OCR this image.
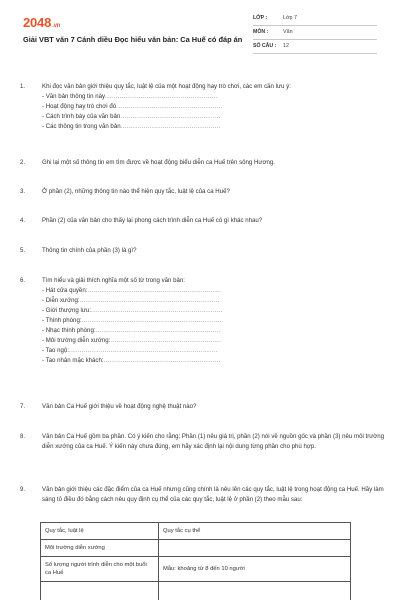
2048.vn
Giải VBT văn 7 Cánh diều Đọc hiểu văn bản: Ca Huế có đáp án
LỚP :	Lớp 7
MÔN :	Văn
SỐ CÂU : 12
1.	Khi đọc văn bản giới thiệu quy tắc, luật lệ của một hoạt động hay trò chơi, các em cần lưu ý:
- Văn bản thông tin này......................................................
- Hoạt động hay trò chơi đó...................................................
- Cách trình bày của văn bản................................................
- Các thông tin trong văn bản................................................
2.	Ghi lại một số thông tin em tìm được về hoạt động biểu diễn ca Huế trên sông Hương.
3.	Ở phần (2), những thông tin nào thể hiện quy tắc, luật lệ của ca Huế?
4.	Phần (2) của văn bản cho thấy lại phong cách trình diễn ca Huế có gì khác nhau?
5.	Thông tin chính của phần (3) là gì?
6.	Tìm hiểu và giải thích nghĩa một số từ trong văn bản:
- Hát cửa quyền:................................................................
- Diễn xướng:...................................................................
- Giới thượng lưu:...............................................................
- Thính phòng:...................................................................
- Nhạc thính phòng:............................................................
- Môi trường diễn xướng:.....................................................
- Tao ngộ:.......................................................................
- Tao nhân mặc khách:........................................................
7.	Văn bản Ca Huế giới thiệu về hoạt động nghệ thuật nào?
8.	Văn bản Ca Huế gồm ba phần. Có ý kiến cho rằng: Phần (1) nêu giá trị, phần (2) nói về nguồn gốc và phần (3) nêu môi trường diễn xướng của ca Huế. Ý kiến này chưa đúng, em hãy xác định lại nội dung từng phần cho phù hợp.
9.	Văn bản giới thiệu các đặc điểm của ca Huế nhưng cũng chính là nêu lên các quy tắc, luật lệ trong hoạt động ca Huế. Hãy làm sáng tỏ điều đó bằng cách nêu quy định cụ thể của các quy tắc, luật lệ ở phần (2) theo mẫu sau:
Quy tắc, luật lệ	Quy tắc cụ thể
Môi trường diễn xướng	
Số lượng người trình diễn cho một buổi ca Huế	Mẫu: khoảng từ 8 đến 10 người
